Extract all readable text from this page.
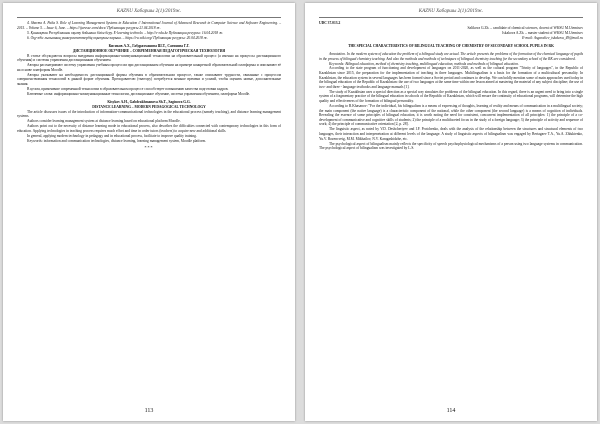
KAZNU Хабаршы 2(1)/2019ж.

4. Sharma A. Palta S. Role of Learning Management Systems in Education // International Journal of Advanced Research in Computer Science and Software Engineering. – 2015. – Volume 5. – Issue 6, June. – https://ijarcsse.com/docs/ Публикации ресурсы 21.04.2018 ж.

5. Қашықтан Республиканы оқыту бойынша білім беру. Е-learning technolo. – http://e-edu.kz Публикации ресурсы: 16.04.2018 ж.

6. Оқу-әдіс ғылымның университеттердің оқытушы-ларына. – https://ru.wiki.org/ Публикации ресурсы: 20.04.2018 ж.

Кисиков А.Х., Габдрахманова Ш.Т., Сагинова Г.Г.

ДИСТАНЦИОННОЕ ОБУЧЕНИЕ – СОВРЕМЕННАЯ ПЕДАГОГИЧЕСКАЯ ТЕХНОЛОГИЯ

В статье обсуждаются вопросы внедрения информационно-коммуникационной технологии на образовательный процесс (а именно на процессы дистанционного обучения) и системы управления дистанционным обучением.

Авторы рассматривают систему управления учебным процессом при дистанционном обучении на примере конкретной образовательной платформы и описывают её на основе платформы Moodle.

Авторы указывают на необходимость дистанционной формы обучения в образовательном процессе, также описывают трудности, связанные с процессом совершенствования технологий в данной форме обучения. Преподавателю (тьютору) потребуется меньше времени и усилий, чтобы оценить новые, дополнительные знания.

В целом, применение современной технологии в образовательном процессе способствует повышению качества подготовки кадров.

Ключевые слова: информационно-коммуникационные технологии, дистанционное обучение, система управления обучением, платформа Moodle.

Kisykov A.H., Gabdrakhmanova Sh.T., Saginova G.G.

DISTANCE LEARNING – MODERN PEDAGOGICAL TECHNOLOGY

The article discusses issues of the introduction of information-communicational technologies in the educational process (namely teaching), and distance learning management systems.

Authors consider learning management system at distance learning based on educational platform Moodle.

Authors point out to the necessity of distance learning mode in educational process, also describes the difficulties connected with contemporary technologies in this form of education. Applying technologies in teaching process requires much effort and time in order tutors (teachers) to acquire new and additional skills.

In general, applying modern technology in pedagogy and in educational process, facilitate to improve quality training.

Keywords: information and communication technologies, distance learning, learning management system, Moodle platform.

***
113
KAZNU Хабаршы 2(1)/2019ж.

UDC 37.013.2

Salikova G.Zh. – candidate of chemical sciences, docent of WKSU M.Utemisov

Iskakova A.Zh. – master student of WKSU M.Utemisov

E-mail: Asgaraliev_iskakova_49@mail.ru

THE SPECIAL CHARACTERISTICS OF BILINGUAL TEACHING OF CHEMISTRY OF SECONDARY SCHOOL PUPILS IN RK

Annotation. In the modern system of education the problem of a bilingual study are actual. The article presents the problems of the formation of the chemical language of pupils in the process of bilingual chemistry teaching. And also the methods and methods of techniques of bilingual chemistry teaching for the secondary school of the RK are considered.

Keywords: Bilingual education, method of chemistry teaching, multilingual education, methods and methods of bilingual education.

According to the state program of functioning and development of languages on 2011-2020, as well as the cultural program "Trinity of languages", in the Republic of Kazakhstan since 2015, the preparation for the implementation of teaching in three languages. Multilingualism is a basis for the formation of a multicultural personality. In Kazakhstan, the education system in several languages has been formed since a Soviet period and continues to develop. We can boldly mention some of main approaches used today in the bilingual education of the Republic of Kazakhstan: the use of two languages at the same time within one lesson aimed at mastering the material of any subject discipline; the use of two- and three - language textbooks and language manuals [1].

The study of Kazakhstan uses a special direction as a special way simulates the problems of the bilingual education. In this regard, there is an urgent need to bring into a single system of a fragmentary practice of the bilingual education in schools of the Republic of Kazakhstan, which will ensure the continuity of educational programs, will determine the high quality and effectiveness of the formation of bilingual personality.

According to B.Khasanov: "For the individual, his bilingualism is a means of expressing of thoughts, learning of reality and means of communication in a multilingual society; the main component (the native language) is a characteristic component of the national, while the other component (the second language) is a means of cognition of individuals. Revealing the essence of some principles of bilingual education, it is worth noting the need for consistent, concurrent implementation of all principles: 1) the principle of a co-development of communicative and cognitive skills of students; 2) the principle of a multifaceted focus in the study of a foreign language; 3) the principle of activity and sequence of work; 4) the principle of communicative orientation [2, p. 28].

The linguistic aspect, as noted by V.D. Deshcheriyev and I.F. Protchenko, deals with the analysis of the relationship between the structures and structural elements of two languages, their interaction and interpenetration at different levels of the language. A study of linguistic aspects of bilingualism was engaged by Bertagaev T.A., Yu.A. Zhluktenko, Yu.V. Rozencveig, M.M. Mikhailov, N.V. Karagashidzhe, etc.

The psychological aspect of bilingualism mainly reflects the specificity of speech psychophysiological mechanisms of a person using two language systems in communication. The psychological aspect of bilingualism was investigated by L.S.

114
